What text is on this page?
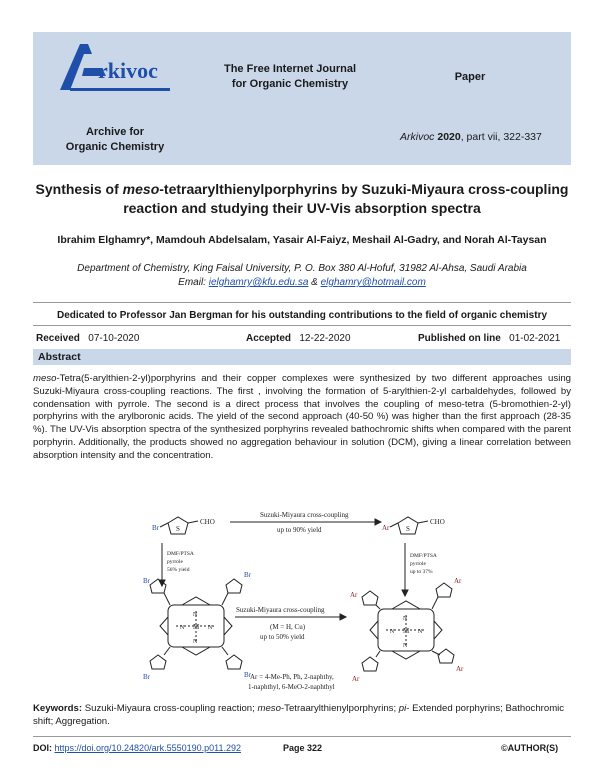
rkivoc	The Free Internet Journal
for Organic Chemistry
Paper
Archive for
Organic Chemistry
Arkivoc 2020, part vii, 322-337
Synthesis of meso-tetraarylthienylporphyrins by Suzuki-Miyaura cross-coupling
reaction and studying their UV-Vis absorption spectra
Ibrahim Elghamry*, Mamdouh Abdelsalam, Yasair Al-Faiyz, Meshail Al-Gadry, and Norah Al-Taysan
Department of Chemistry, King Faisal University, P. O. Box 380 Al-Hofuf, 31982 Al-Ahsa, Saudi Arabia
Email: ielghamry@kfu.edu.sa & elghamry@hotmail.com
Dedicated to Professor Jan Bergman for his outstanding contributions to the field of organic chemistry
Received 07-10-2020	Accepted 12-22-2020	Published on line 01-02-2021
Abstract
meso-Tetra(5-arylthien-2-yl)porphyrins and their copper complexes were synthesized by two different approaches using Suzuki-Miyaura cross-coupling reactions. The first , involving the formation of 5-arylthien-2-yl carbaldehydes, followed by condensation with pyrrole. The second is a direct process that involves the coupling of meso-tetra (5-bromothien-2-yl) porphyrins with the arylboronic acids. The yield of the second approach (40-50 %) was higher than the first approach (28-35 %). The UV-Vis absorption spectra of the synthesized porphyrins revealed bathochromic shifts when compared with the parent porphyrin. Additionally, the products showed no aggregation behaviour in solution (DCM), giving a linear correlation between absorption intensity and the concentration.
Br S
CHO
Ar S
CHO
Suzuki-Miyaura cross-coupling
up to 90% yield
DMF/PTSA
pyrrole
56% yield
DMF/PTSA
pyrrole
up to 37%
Suzuki-Miyaura cross-coupling
(M = H, Cu)
up to 50% yield
Ar = 4-Me-Ph, Ph, 2-naphthy,
1-naphthyl, 6-MeO-2-naphthyl
M	M
N	N
N
N
N	N
N
N
Br
Br
Br	Br
Ar
Ar
Ar
Ar
Keywords: Suzuki-Miyaura cross-coupling reaction; meso-Tetraarylthienylporphyrins; pi- Extended porphyrins; Bathochromic shift; Aggregation.
DOI: https://doi.org/10.24820/ark.5550190.p011.292	Page 322	©AUTHOR(S)
